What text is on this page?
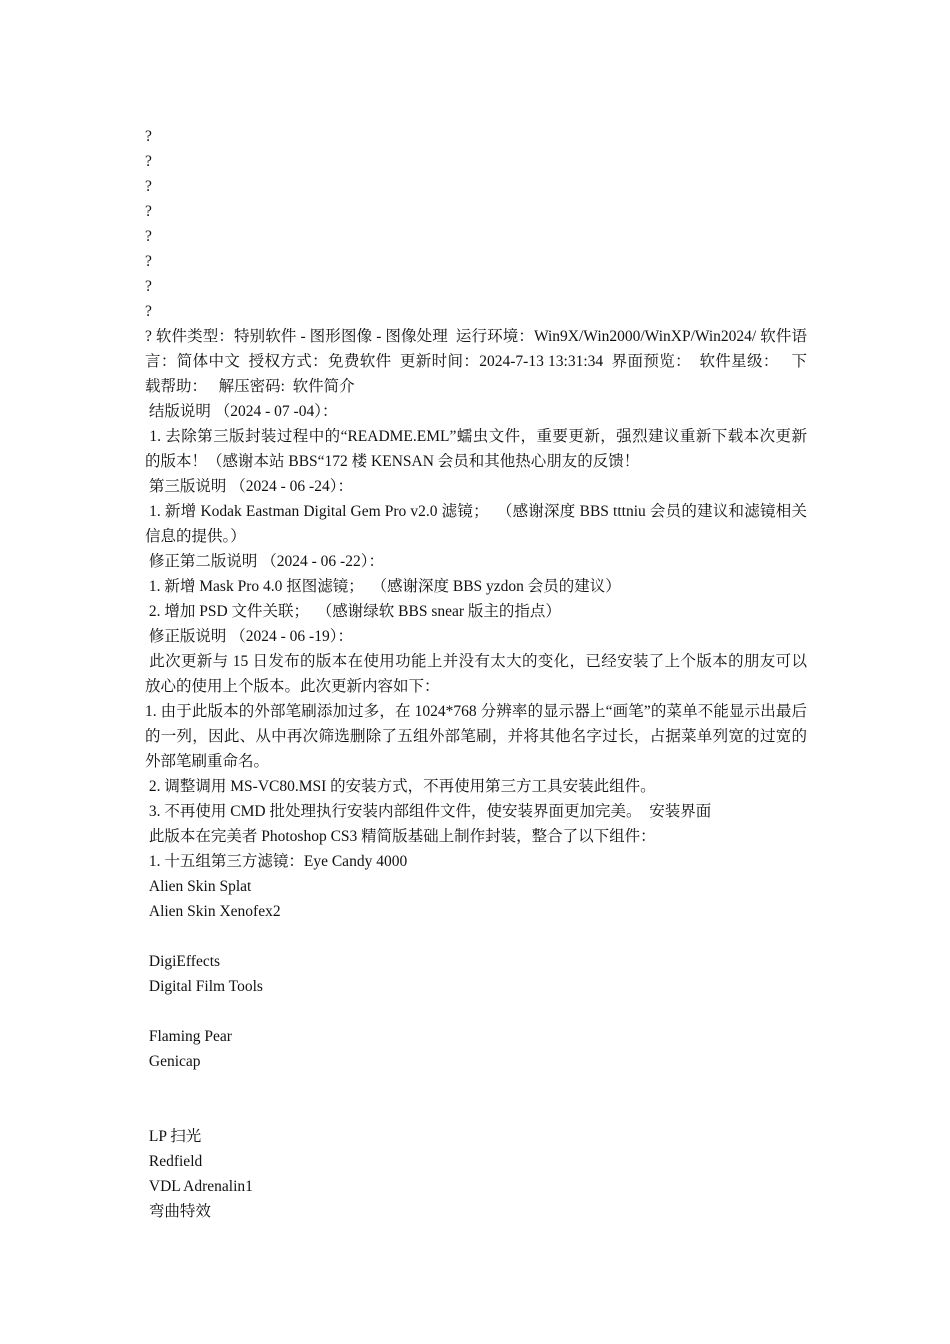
?
?
?
?
?
?
?
?
? 软件类型：特别软件 - 图形图像 - 图像处理  运行环境：Win9X/Win2000/WinXP/Win2024/ 软件语言：简体中文  授权方式：免费软件  更新时间：2024-7-13 13:31:34  界面预览：  软件星级：   下载帮助：   解压密码:  软件简介
结版说明 （2024 - 07 -04）：
1. 去除第三版封装过程中的“README.EML”蠕虫文件，重要更新，强烈建议重新下载本次更新的版本！（感谢本站 BBS“172 楼 KENSAN 会员和其他热心朋友的反馈！
第三版说明 （2024 - 06 -24）：
1. 新增 Kodak Eastman Digital Gem Pro v2.0 滤镜；  （感谢深度 BBS tttniu 会员的建议和滤镜相关信息的提供。）
修正第二版说明 （2024 - 06 -22）：
1. 新增 Mask Pro 4.0 抠图滤镜；  （感谢深度 BBS yzdon 会员的建议）
2. 增加 PSD 文件关联；  （感谢绿软 BBS snear 版主的指点）
修正版说明 （2024 - 06 -19）：
此次更新与 15 日发布的版本在使用功能上并没有太大的变化，已经安装了上个版本的朋友可以放心的使用上个版本。此次更新内容如下：
1. 由于此版本的外部笔刷添加过多，在 1024*768 分辨率的显示器上“画笔”的菜单不能显示出最后的一列，因此、从中再次筛选删除了五组外部笔刷，并将其他名字过长，占据菜单列宽的过宽的外部笔刷重命名。
2. 调整调用 MS-VC80.MSI 的安装方式，不再使用第三方工具安装此组件。
3. 不再使用 CMD 批处理执行安装内部组件文件，使安装界面更加完美。  安装界面
此版本在完美者 Photoshop CS3 精简版基础上制作封装，整合了以下组件：
1. 十五组第三方滤镜：Eye Candy 4000
Alien Skin Splat
Alien Skin Xenofex2
DigiEffects
Digital Film Tools
Flaming Pear
Genicap
LP 扫光
Redfield
VDL Adrenalin1
弯曲特效
